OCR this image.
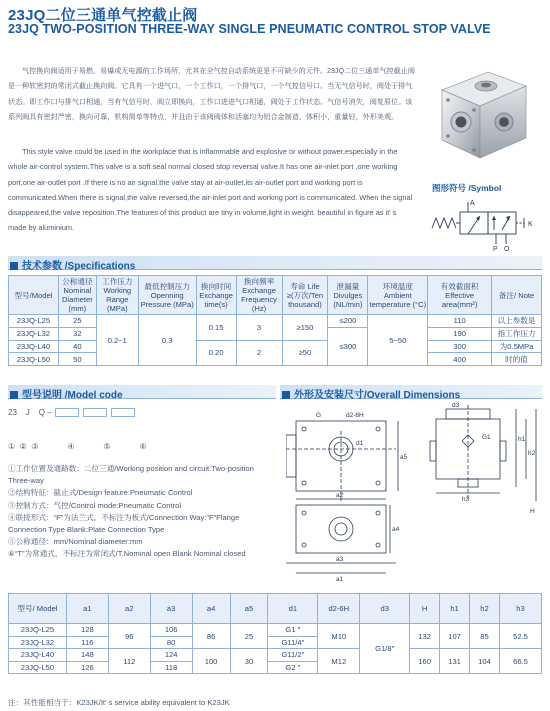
23JQ二位三通单气控截止阀
23JQ TWO-POSITION THREE-WAY SINGLE PNEUMATIC CONTROL STOP VALVE

气控换向阀适用于易燃、易爆或无电源的工作场所，尤其在全气控自动系统更是不可缺少的元件。23JQ二位三通单气控截止阀是一种软密封的常闭式截止换向阀。它具有一个进气口，一个工作口，一个排气口，一个气控信号口。当无气信号时，阀处于排气状态。即工作口与排气口相通，当有气信号时，阀立即换向，工作口进进气口相通，阀处于工作状态。气信号消失，阀复原位。该系列阀具有密封严密，换向可靠，机构简单等特点，并且由于该阀阀体和活塞均为铝合金制造，体积小，重量轻，外形美观。

This style valve could be used in the workplace that is inflammable and explosive or without power,especially in the whole air-control system.This valve is a soft seal normal closed stop reversal valve.It has one air-inlet port ,one working port,one air-outlet port .If there is no air signal,the valve stay at air-outlet,its air-outlet port and working port is communicated.When there is signal,the valve reversed,the air-inlet port and working port is communicated. When the signal disappeared,the valve reposition.The features of this product are tiny in volume,light in weight. beautiful in figure as it' s made by aluminium.

图形符号 /Symbol
A
P O
K
技术参数 /Specifications
型号/Model	公称通径 Nominal Diameter (mm)	工作压力 Working Range (MPa)	最低控制压力 Openning Pressure (MPa)	换向时间 Exchange time(s)	换向频率 Exchange Frequency (Hz)	寿命 Life ≥(万次/Ten thousand)	泄漏量 Divulges (NL/min)	环境温度 Ambient temperature (°C)	有效截面积 Effective area(mm²)	备注/ Note
23JQ-L25	25	0.2~1	0.3	0.15	3	≥150	≤200	5~50	110	以上参数是
23JQ-L32	32						≤300		190	指工作压力
23JQ-L40	40			0.20	2	≥50			300	为0.5MPa
23JQ-L50	50								400	时的值
型号说明 /Model code
23 J Q –
① ② ③	④	⑤	⑥
①工作位置及通路数：二位三通/Working position and circuit:Two-position Three-way
②结构特征：截止式/Design feature:Pneumatic Control
③控制方式：气控/Control mode:Pneumatic Control
④联接形式：“F”为法兰式，不标注为板式/Connection Way:“F”Flange Connection Type Blank:Plate Connection Type
⑤公称通径：mm/Nominal diameter:mm
⑥“T”为常通式，不标注为常闭式/T.Nominal open Blank Nominal closed
外形及安装尺寸/Overall Dimensions
d2-6H
G
d1
d3
a2
a5
a4
a3
a1
G1	h1
h2
h3
H
型号/ Model	a1	a2	a3	a4	a5	d1	d2-6H	d3	H	h1	h2	h3
23JQ-L25	128	96	106	86	25	G1 ″	M10	G1/8″	132	107	85	52.5
23JQ-L32	116		80			G11/4″						
23JQ-L40	148	112	124	100	30	G11/2″	M12		160	131	104	66.5
23JQ-L50	126		118			G2 ″						
注：其性能相当于：K23JK/It' s service ability equivalent to K23JK
